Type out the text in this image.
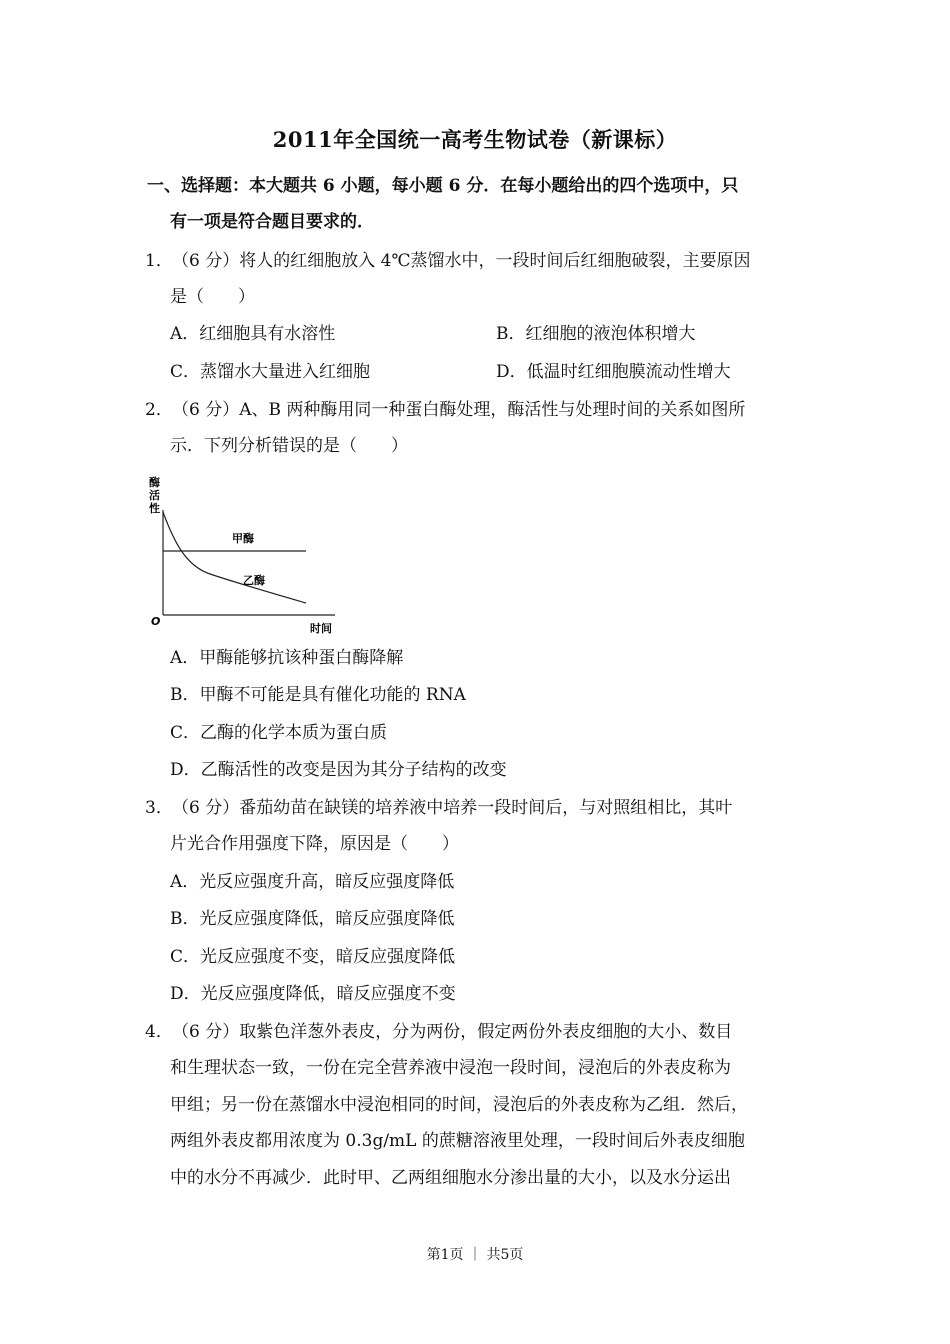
2011年全国统一高考生物试卷（新课标）
一、选择题：本大题共 6 小题，每小题 6 分．在每小题给出的四个选项中，只
有一项是符合题目要求的．
1． （6 分）将人的红细胞放入 4℃蒸馏水中，一段时间后红细胞破裂，主要原因
是（　　）
A．红细胞具有水溶性	B．红细胞的液泡体积增大
C．蒸馏水大量进入红细胞	D．低温时红细胞膜流动性增大
2． （6 分）A、B 两种酶用同一种蛋白酶处理，酶活性与处理时间的关系如图所
示．下列分析错误的是（　　）
酶
活
性
O
时间
甲酶
乙酶
A．甲酶能够抗该种蛋白酶降解
B．甲酶不可能是具有催化功能的 RNA
C．乙酶的化学本质为蛋白质
D．乙酶活性的改变是因为其分子结构的改变
3． （6 分）番茄幼苗在缺镁的培养液中培养一段时间后，与对照组相比，其叶
片光合作用强度下降，原因是（　　）
A．光反应强度升高，暗反应强度降低
B．光反应强度降低，暗反应强度降低
C．光反应强度不变，暗反应强度降低
D．光反应强度降低，暗反应强度不变
4． （6 分）取紫色洋葱外表皮，分为两份，假定两份外表皮细胞的大小、数目
和生理状态一致，一份在完全营养液中浸泡一段时间，浸泡后的外表皮称为
甲组；另一份在蒸馏水中浸泡相同的时间，浸泡后的外表皮称为乙组．然后，
两组外表皮都用浓度为 0.3g/mL 的蔗糖溶液里处理，一段时间后外表皮细胞
中的水分不再减少．此时甲、乙两组细胞水分渗出量的大小，以及水分运出
第1页 ｜ 共5页
